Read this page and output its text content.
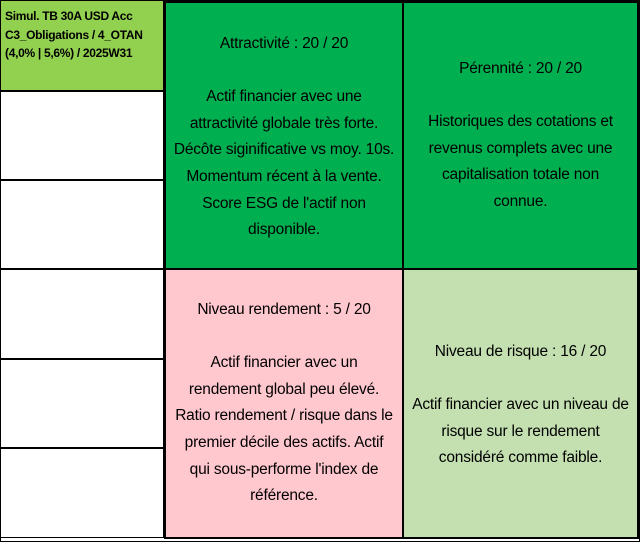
Simul. TB 30A USD Acc
C3_Obligations / 4_OTAN
(4,0% | 5,6%) / 2025W31
Attractivité : 20 / 20
Actif financier avec une
attractivité globale très forte.
Décôte siginificative vs moy. 10s.
Momentum récent à la vente.
Score ESG de l'actif non
disponible.
Pérennité : 20 / 20
Historiques des cotations et
revenus complets avec une
capitalisation totale non
connue.
Niveau rendement : 5 / 20
Actif financier avec un
rendement global peu élevé.
Ratio rendement / risque dans le
premier décile des actifs. Actif
qui sous-performe l'index de
référence.
Niveau de risque : 16 / 20
Actif financier avec un niveau de
risque sur le rendement
considéré comme faible.
